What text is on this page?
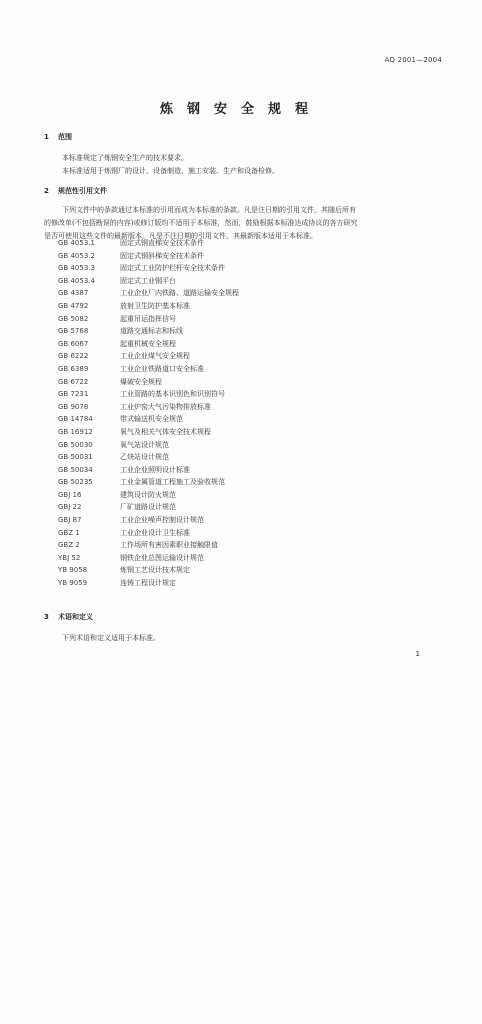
AQ 2001—2004
炼钢安全规程
1 范围
本标准规定了炼钢安全生产的技术要求。
本标准适用于炼钢厂的设计、设备制造、施工安装、生产和设备检修。
2 规范性引用文件
下列文件中的条款通过本标准的引用而成为本标准的条款。凡是注日期的引用文件，其随后所有
的修改单(不包括勘误的内容)或修订版均不适用于本标准，然而，鼓励根据本标准达成协议的各方研究
是否可使用这些文件的最新版本。凡是不注日期的引用文件，其最新版本适用于本标准。
GB 4053.1	固定式钢直梯安全技术条件
GB 4053.2	固定式钢斜梯安全技术条件
GB 4053.3	固定式工业防护栏杆安全技术条件
GB 4053.4	固定式工业钢平台
GB 4387	工业企业厂内铁路、道路运输安全规程
GB 4792	放射卫生防护基本标准
GB 5082	起重吊运指挥信号
GB 5768	道路交通标志和标线
GB 6067	起重机械安全规程
GB 6222	工业企业煤气安全规程
GB 6389	工业企业铁路道口安全标准
GB 6722	爆破安全规程
GB 7231	工业管路的基本识别色和识别符号
GB 9078	工业炉窑大气污染物排放标准
GB 14784	带式输送机安全规范
GB 16912	氧气及相关气体安全技术规程
GB 50030	氧气站设计规范
GB 50031	乙炔站设计规范
GB 50034	工业企业照明设计标准
GB 50235	工业金属管道工程施工及验收规范
GBJ 16	建筑设计防火规范
GBJ 22	厂矿道路设计规范
GBJ 87	工业企业噪声控制设计规范
GBZ 1	工业企业设计卫生标准
GBZ 2	工作场所有害因素职业接触限值
YBJ 52	钢铁企业总图运输设计规范
YB 9058	炼钢工艺设计技术规定
YB 9059	连铸工程设计规定
3 术语和定义
下列术语和定义适用于本标准。
1
